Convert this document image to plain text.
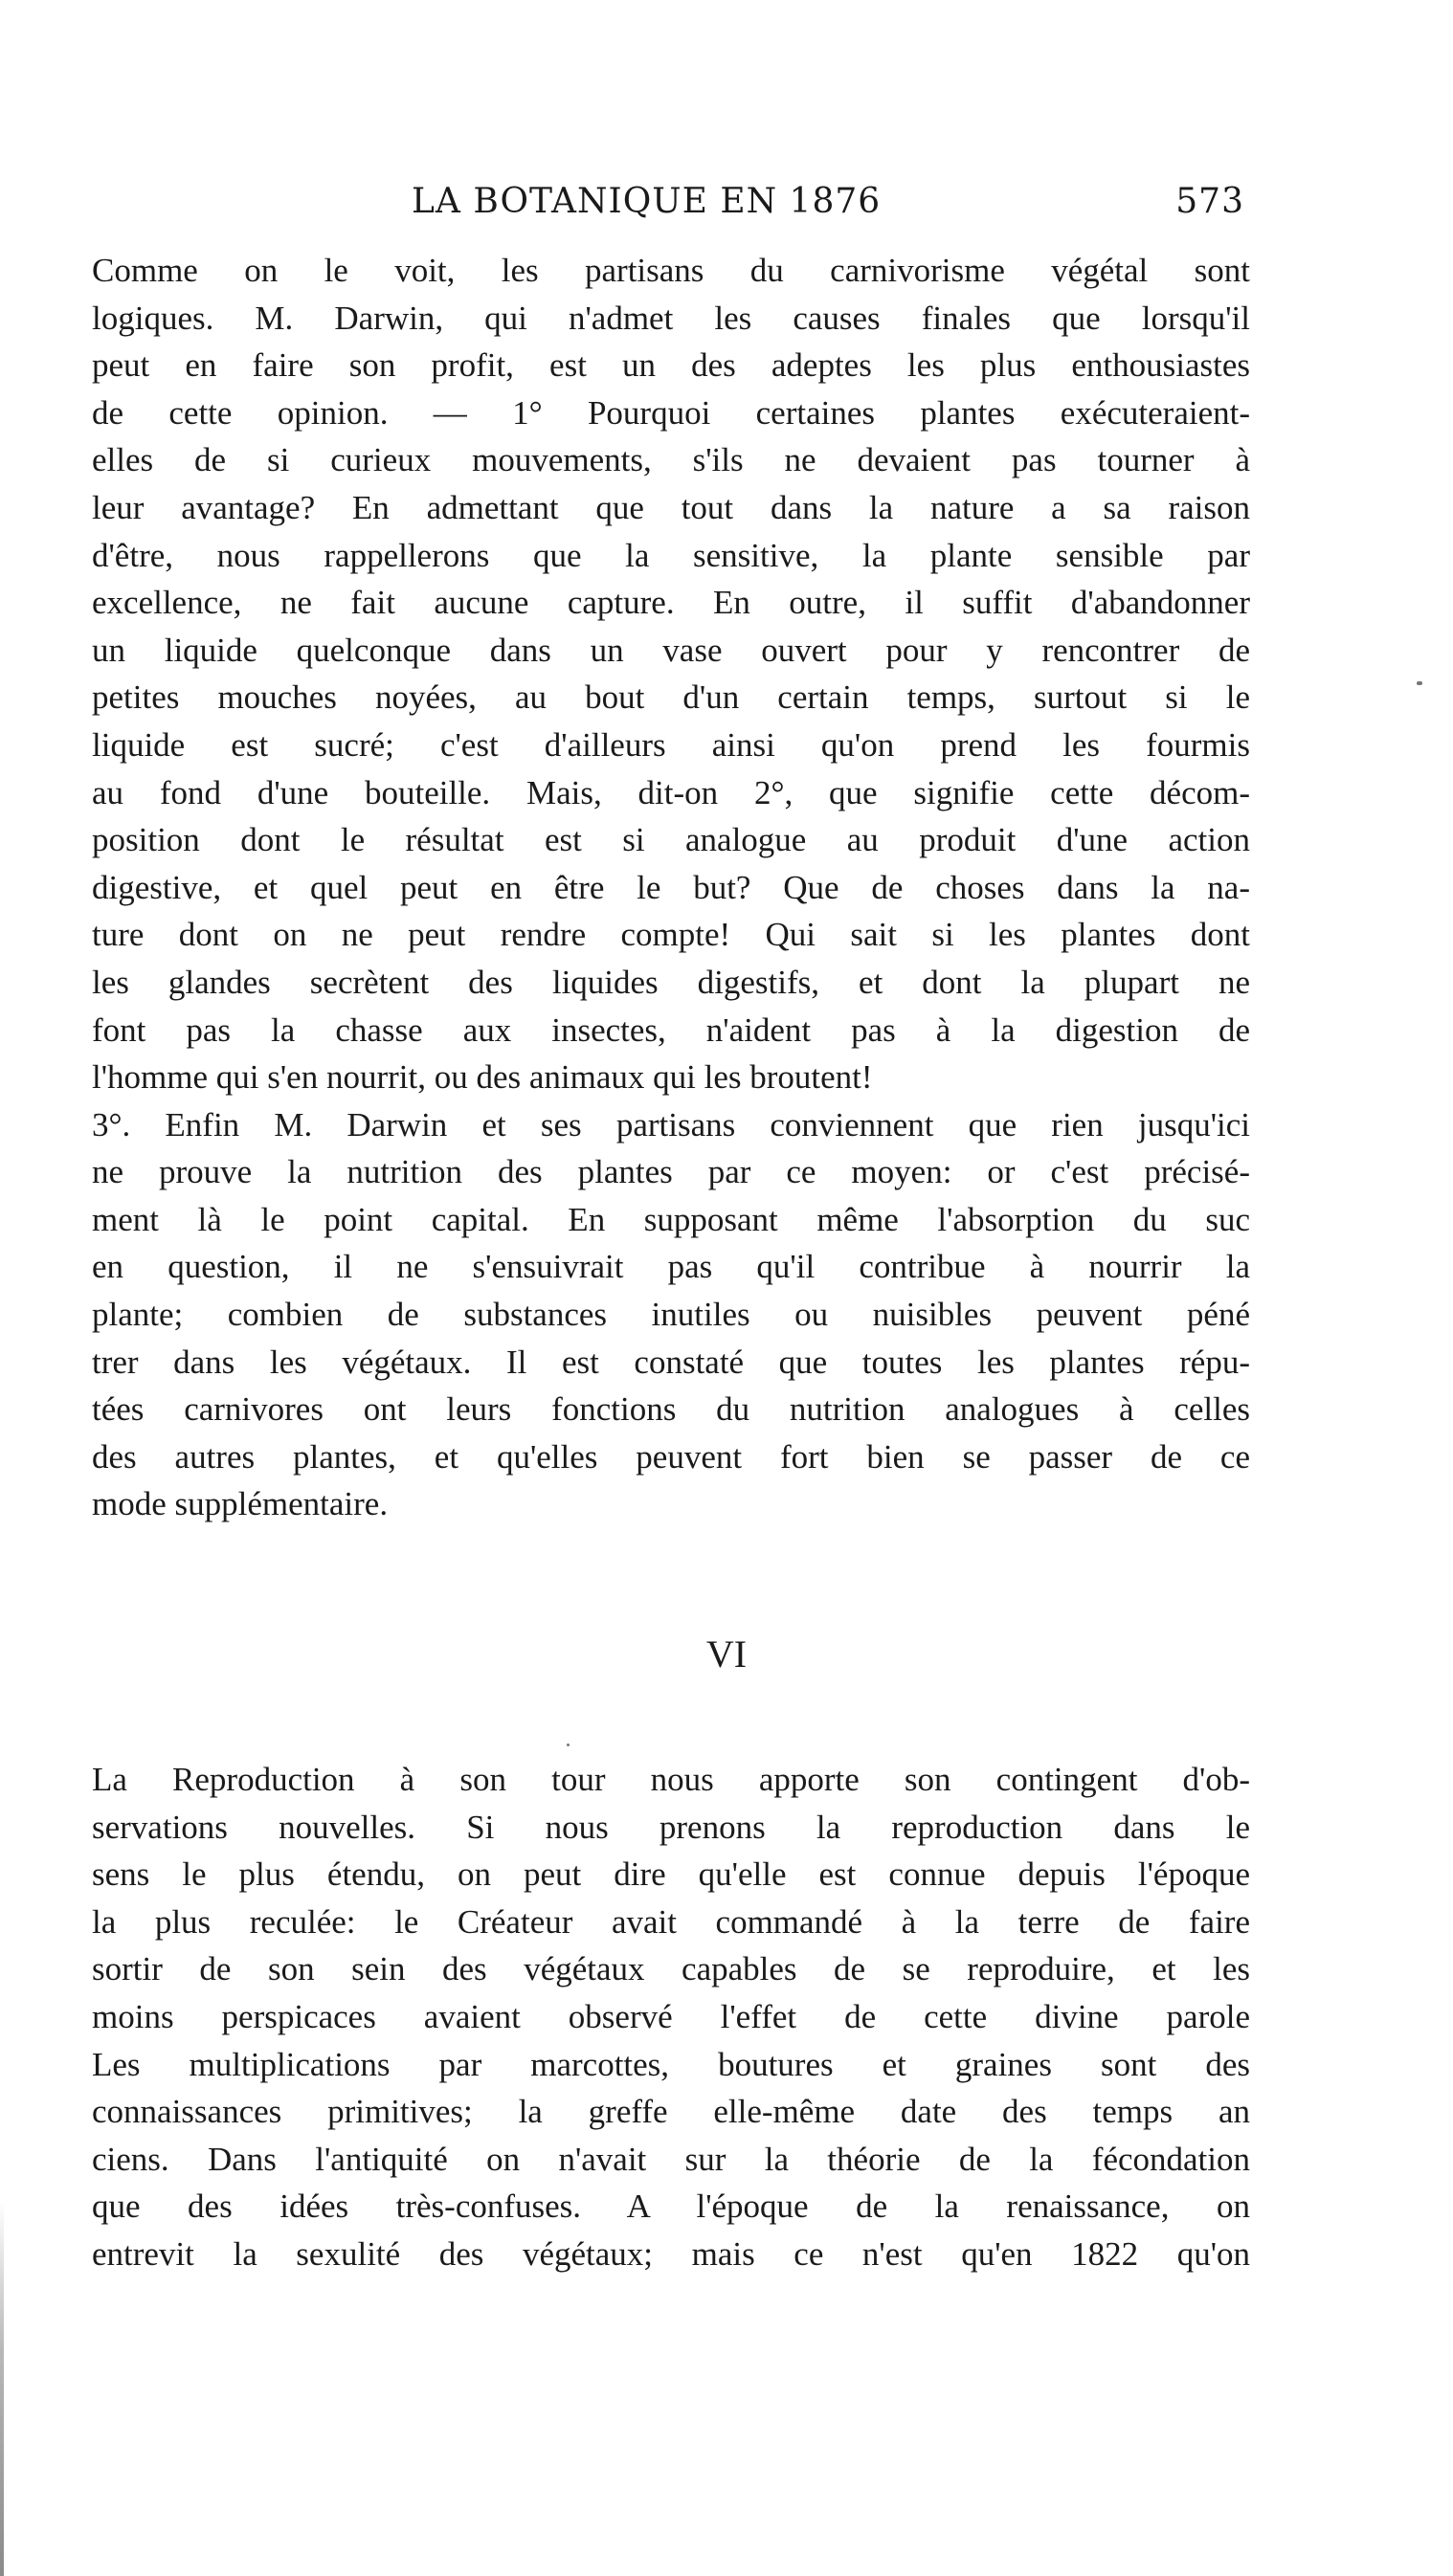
LA BOTANIQUE EN 1876	573
Comme on le voit, les partisans du carnivorisme végétal sont
logiques. M. Darwin, qui n'admet les causes finales que lorsqu'il
peut en faire son profit, est un des adeptes les plus enthousiastes
de cette opinion. — 1° Pourquoi certaines plantes exécuteraient-
elles de si curieux mouvements, s'ils ne devaient pas tourner à
leur avantage? En admettant que tout dans la nature a sa raison
d'être, nous rappellerons que la sensitive, la plante sensible par
excellence, ne fait aucune capture. En outre, il suffit d'abandonner
un liquide quelconque dans un vase ouvert pour y rencontrer de
petites mouches noyées, au bout d'un certain temps, surtout si le
liquide est sucré; c'est d'ailleurs ainsi qu'on prend les fourmis
au fond d'une bouteille. Mais, dit-on 2°, que signifie cette décom-
position dont le résultat est si analogue au produit d'une action
digestive, et quel peut en être le but? Que de choses dans la na-
ture dont on ne peut rendre compte! Qui sait si les plantes dont
les glandes secrètent des liquides digestifs, et dont la plupart ne
font pas la chasse aux insectes, n'aident pas à la digestion de
l'homme qui s'en nourrit, ou des animaux qui les broutent!
3°. Enfin M. Darwin et ses partisans conviennent que rien jusqu'ici
ne prouve la nutrition des plantes par ce moyen: or c'est précisé-
ment là le point capital. En supposant même l'absorption du suc
en question, il ne s'ensuivrait pas qu'il contribue à nourrir la
plante; combien de substances inutiles ou nuisibles peuvent péné
trer dans les végétaux. Il est constaté que toutes les plantes répu-
tées carnivores ont leurs fonctions du nutrition analogues à celles
des autres plantes, et qu'elles peuvent fort bien se passer de ce
mode supplémentaire.
VI
La Reproduction à son tour nous apporte son contingent d'ob-
servations nouvelles. Si nous prenons la reproduction dans le
sens le plus étendu, on peut dire qu'elle est connue depuis l'époque
la plus reculée: le Créateur avait commandé à la terre de faire
sortir de son sein des végétaux capables de se reproduire, et les
moins perspicaces avaient observé l'effet de cette divine parole
Les multiplications par marcottes, boutures et graines sont des
connaissances primitives; la greffe elle-même date des temps an
ciens. Dans l'antiquité on n'avait sur la théorie de la fécondation
que des idées très-confuses. A l'époque de la renaissance, on
entrevit la sexulité des végétaux; mais ce n'est qu'en 1822 qu'on
